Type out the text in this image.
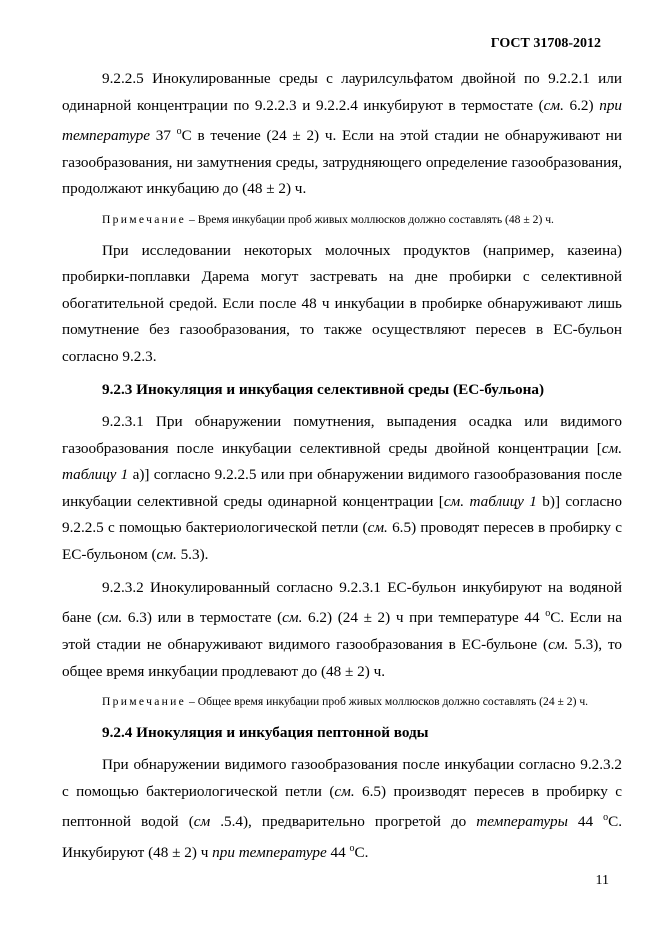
ГОСТ 31708-2012

9.2.2.5 Инокулированные среды с лаурилсульфатом двойной по 9.2.2.1 или одинарной концентрации по 9.2.2.3 и 9.2.2.4 инкубируют в термостате (см. 6.2) при температуре 37 $^о$С в течение (24 ± 2) ч. Если на этой стадии не обнаруживают ни газообразования, ни замутнения среды, затрудняющего определение газообразования, продолжают инкубацию до (48 ± 2) ч.

Примечание – Время инкубации проб живых моллюсков должно составлять (48 ± 2) ч.

При исследовании некоторых молочных продуктов (например, казеина) пробирки-поплавки Дарема могут застревать на дне пробирки с селективной обогатительной средой. Если после 48 ч инкубации в пробирке обнаруживают лишь помутнение без газообразования, то также осуществляют пересев в ЕС-бульон согласно 9.2.3.

9.2.3 Инокуляция и инкубация селективной среды (ЕС-бульона)

9.2.3.1 При обнаружении помутнения, выпадения осадка или видимого газообразования после инкубации селективной среды двойной концентрации [см. таблицу 1 a)] согласно 9.2.2.5 или при обнаружении видимого газообразования после инкубации селективной среды одинарной концентрации [см. таблицу 1 b)] согласно 9.2.2.5 с помощью бактериологической петли (см. 6.5) проводят пересев в пробирку с ЕС-бульоном (см. 5.3).

9.2.3.2 Инокулированный согласно 9.2.3.1 ЕС-бульон инкубируют на водяной бане (см. 6.3) или в термостате (см. 6.2) (24 ± 2) ч при температуре 44 $^о$С. Если на этой стадии не обнаруживают видимого газообразования в ЕС-бульоне (см. 5.3), то общее время инкубации продлевают до (48 ± 2) ч.

Примечание – Общее время инкубации проб живых моллюсков должно составлять (24 ± 2) ч.

9.2.4 Инокуляция и инкубация пептонной воды

При обнаружении видимого газообразования после инкубации согласно 9.2.3.2 с помощью бактериологической петли (см. 6.5) производят пересев в пробирку с пептонной водой (см .5.4), предварительно прогретой до температуры 44 $^о$С. Инкубируют (48 ± 2) ч при температуре 44 $^о$С.

11
